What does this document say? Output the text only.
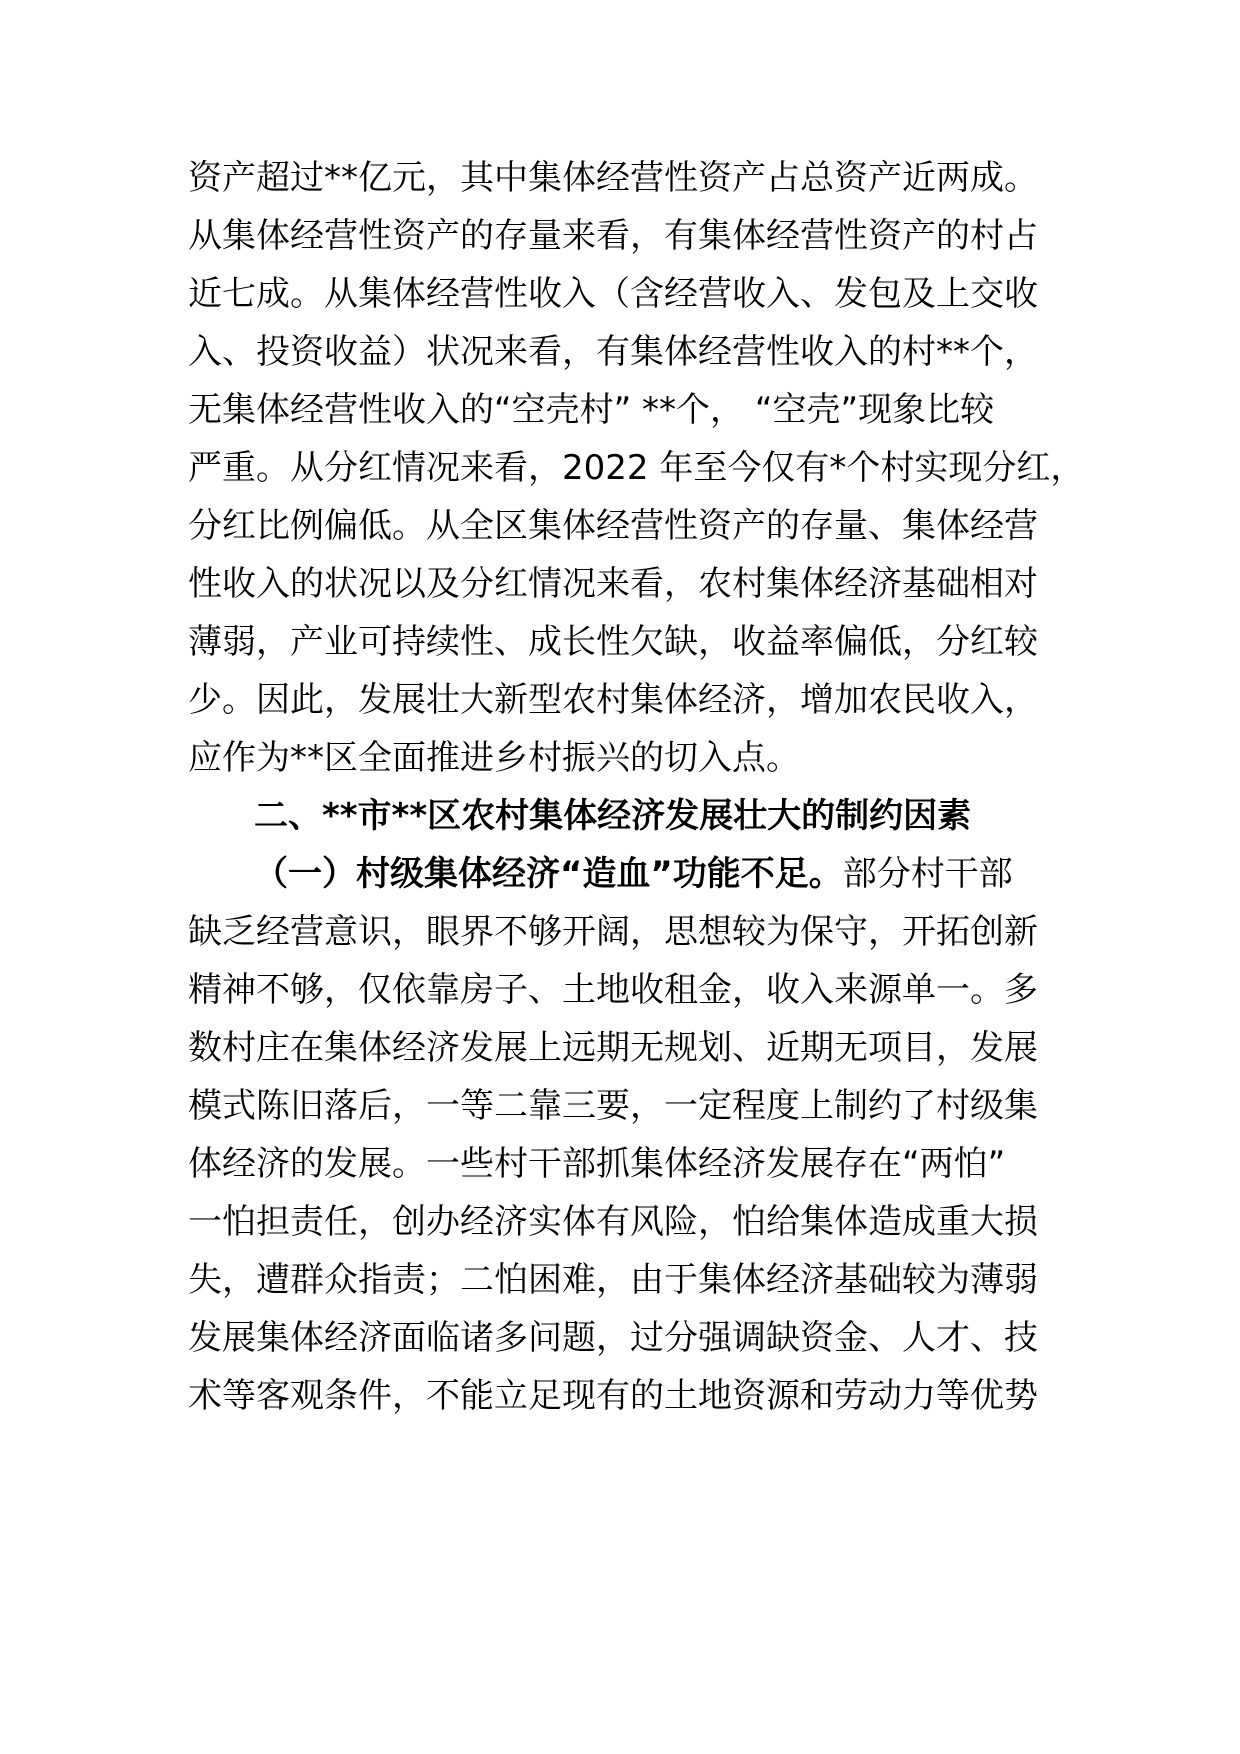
资产超过**亿元，其中集体经营性资产占总资产近两成。
从集体经营性资产的存量来看，有集体经营性资产的村占
近七成。从集体经营性收入（含经营收入、发包及上交收
入、投资收益）状况来看，有集体经营性收入的村**个，
无集体经营性收入的“空壳村” **个， “空壳”现象比较
严重。从分红情况来看，2022 年至今仅有*个村实现分红，
分红比例偏低。从全区集体经营性资产的存量、集体经营
性收入的状况以及分红情况来看，农村集体经济基础相对
薄弱，产业可持续性、成长性欠缺，收益率偏低，分红较
少。因此，发展壮大新型农村集体经济，增加农民收入，
应作为**区全面推进乡村振兴的切入点。
二、**市**区农村集体经济发展壮大的制约因素
（一）村级集体经济“造血”功能不足。部分村干部
缺乏经营意识，眼界不够开阔，思想较为保守，开拓创新
精神不够，仅依靠房子、土地收租金，收入来源单一。多
数村庄在集体经济发展上远期无规划、近期无项目，发展
模式陈旧落后，一等二靠三要，一定程度上制约了村级集
体经济的发展。一些村干部抓集体经济发展存在“两怕”
一怕担责任，创办经济实体有风险，怕给集体造成重大损
失，遭群众指责；二怕困难，由于集体经济基础较为薄弱
发展集体经济面临诸多问题，过分强调缺资金、人才、技
术等客观条件，不能立足现有的土地资源和劳动力等优势
